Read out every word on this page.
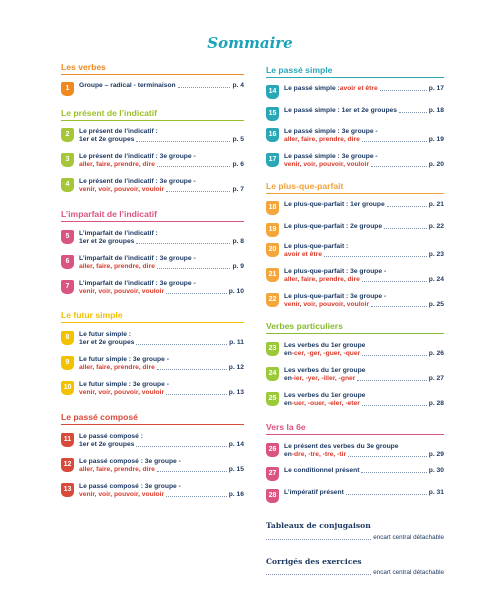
Sommaire
Les verbes
1	Groupe – radical - terminaison	p. 4
Le présent de l’indicatif
2	Le présent de l’indicatif :
1er et 2e groupes	p. 5
3	Le présent de l’indicatif : 3e groupe -
aller, faire, prendre, dire	p. 6
4	Le présent de l’indicatif : 3e groupe -
venir, voir, pouvoir, vouloir	p. 7
L’imparfait de l’indicatif
5	L’imparfait de l’indicatif :
1er et 2e groupes	p. 8
6	L’imparfait de l’indicatif : 3e groupe -
aller, faire, prendre, dire	p. 9
7	L’imparfait de l’indicatif : 3e groupe -
venir, voir, pouvoir, vouloir	p. 10
Le futur simple
8	Le futur simple :
1er et 2e groupes	p. 11
9	Le futur simple : 3e groupe -
aller, faire, prendre, dire	p. 12
10	Le futur simple : 3e groupe -
venir, voir, pouvoir, vouloir	p. 13
Le passé composé
11	Le passé composé :
1er et 2e groupes	p. 14
12	Le passé composé : 3e groupe -
aller, faire, prendre, dire	p. 15
13	Le passé composé : 3e groupe -
venir, voir, pouvoir, vouloir	p. 16
Le passé simple
14	Le passé simple : avoir et être	p. 17
15	Le passé simple : 1er et 2e groupes	p. 18
16	Le passé simple : 3e groupe -
aller, faire, prendre, dire	p. 19
17	Le passé simple : 3e groupe -
venir, voir, pouvoir, vouloir	p. 20
Le plus-que-parfait
18	Le plus-que-parfait : 1er groupe	p. 21
19	Le plus-que-parfait : 2e groupe	p. 22
20	Le plus-que-parfait :
avoir et être	p. 23
21	Le plus-que-parfait : 3e groupe -
aller, faire, prendre, dire	p. 24
22	Le plus-que-parfait : 3e groupe -
venir, voir, pouvoir, vouloir	p. 25
Verbes particuliers
23	Les verbes du 1er groupe
en -cer, -ger, -guer, -quer	p. 26
24	Les verbes du 1er groupe
en -ier, -yer, -iller, -gner	p. 27
25	Les verbes du 1er groupe
en -uer, -ouer, -eler, -eter	p. 28
Vers la 6e
26	Le présent des verbes du 3e groupe
en -dre, -tre, -tre, -tir	p. 29
27	Le conditionnel présent	p. 30
28	L’impératif présent	p. 31
Tableaux de conjugaison
encart central détachable
Corrigés des exercices
encart central détachable
